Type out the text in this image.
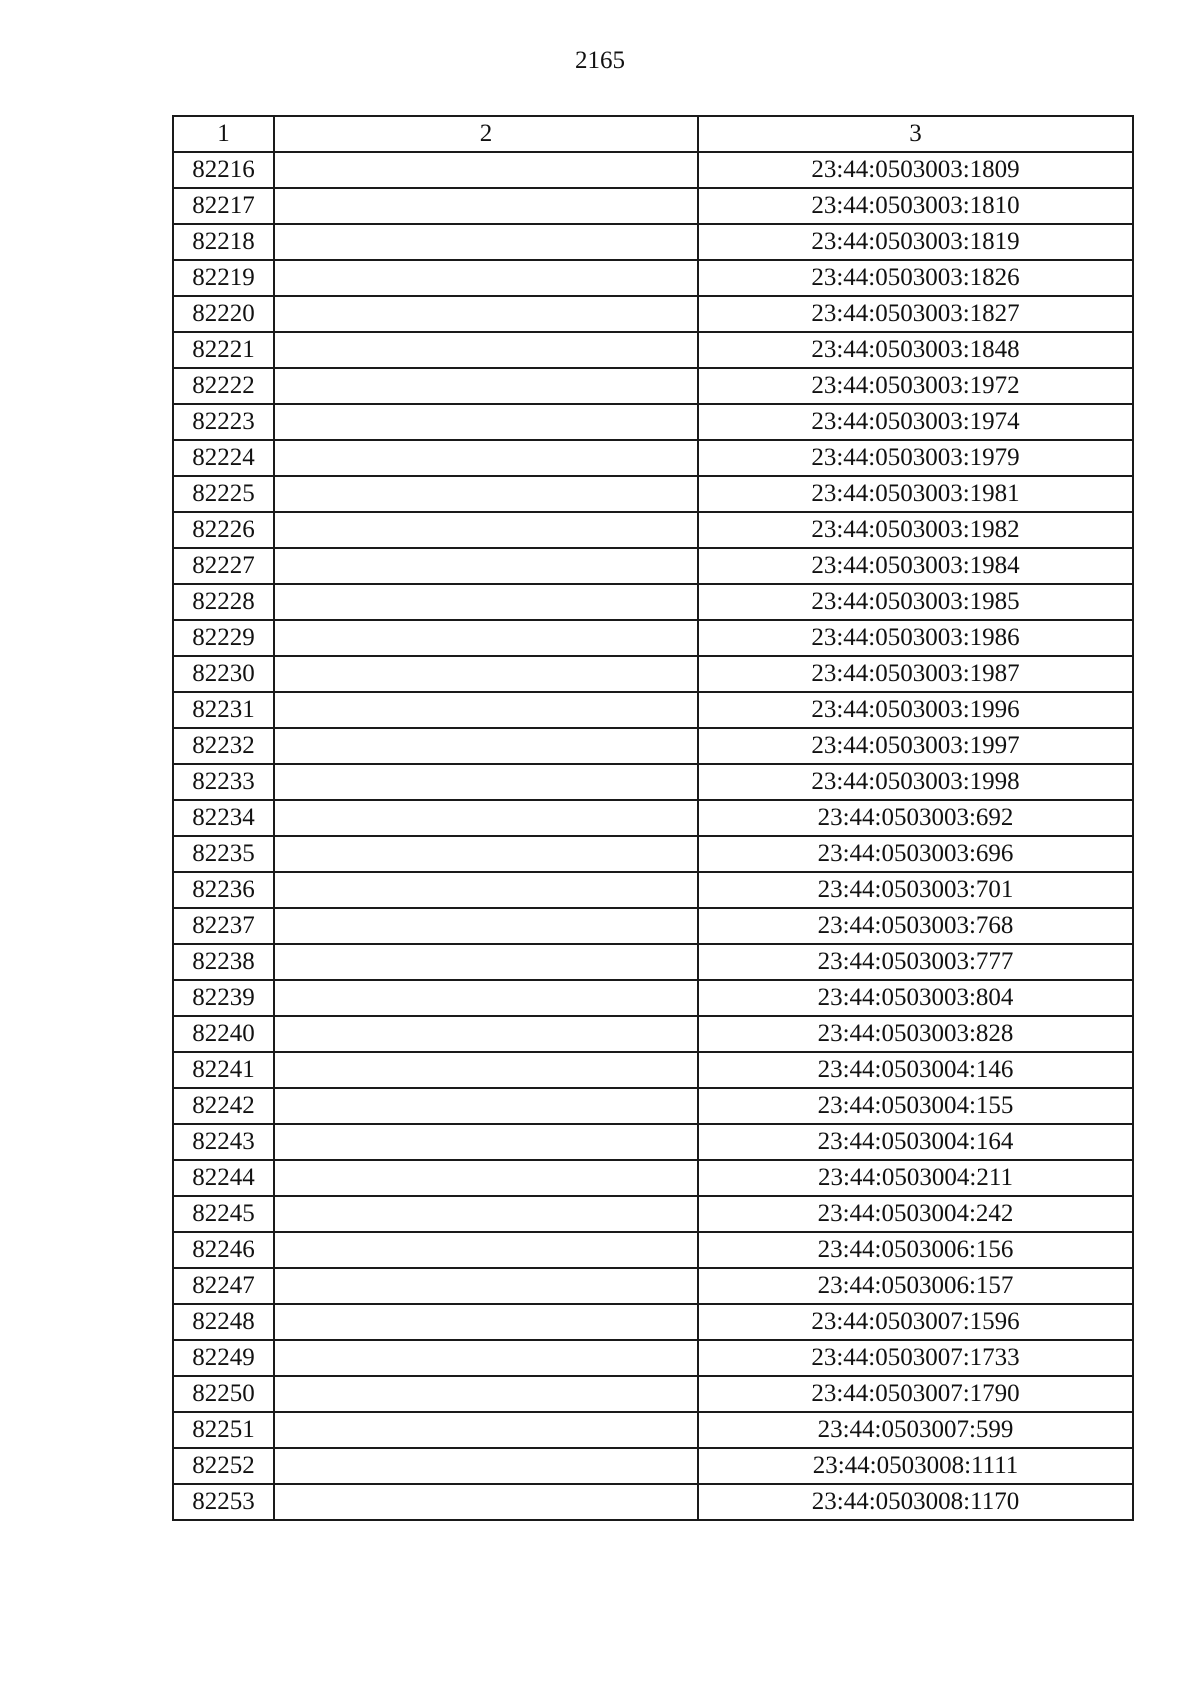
2165
1	2	3
82216		23:44:0503003:1809
82217		23:44:0503003:1810
82218		23:44:0503003:1819
82219		23:44:0503003:1826
82220		23:44:0503003:1827
82221		23:44:0503003:1848
82222		23:44:0503003:1972
82223		23:44:0503003:1974
82224		23:44:0503003:1979
82225		23:44:0503003:1981
82226		23:44:0503003:1982
82227		23:44:0503003:1984
82228		23:44:0503003:1985
82229		23:44:0503003:1986
82230		23:44:0503003:1987
82231		23:44:0503003:1996
82232		23:44:0503003:1997
82233		23:44:0503003:1998
82234		23:44:0503003:692
82235		23:44:0503003:696
82236		23:44:0503003:701
82237		23:44:0503003:768
82238		23:44:0503003:777
82239		23:44:0503003:804
82240		23:44:0503003:828
82241		23:44:0503004:146
82242		23:44:0503004:155
82243		23:44:0503004:164
82244		23:44:0503004:211
82245		23:44:0503004:242
82246		23:44:0503006:156
82247		23:44:0503006:157
82248		23:44:0503007:1596
82249		23:44:0503007:1733
82250		23:44:0503007:1790
82251		23:44:0503007:599
82252		23:44:0503008:1111
82253		23:44:0503008:1170
